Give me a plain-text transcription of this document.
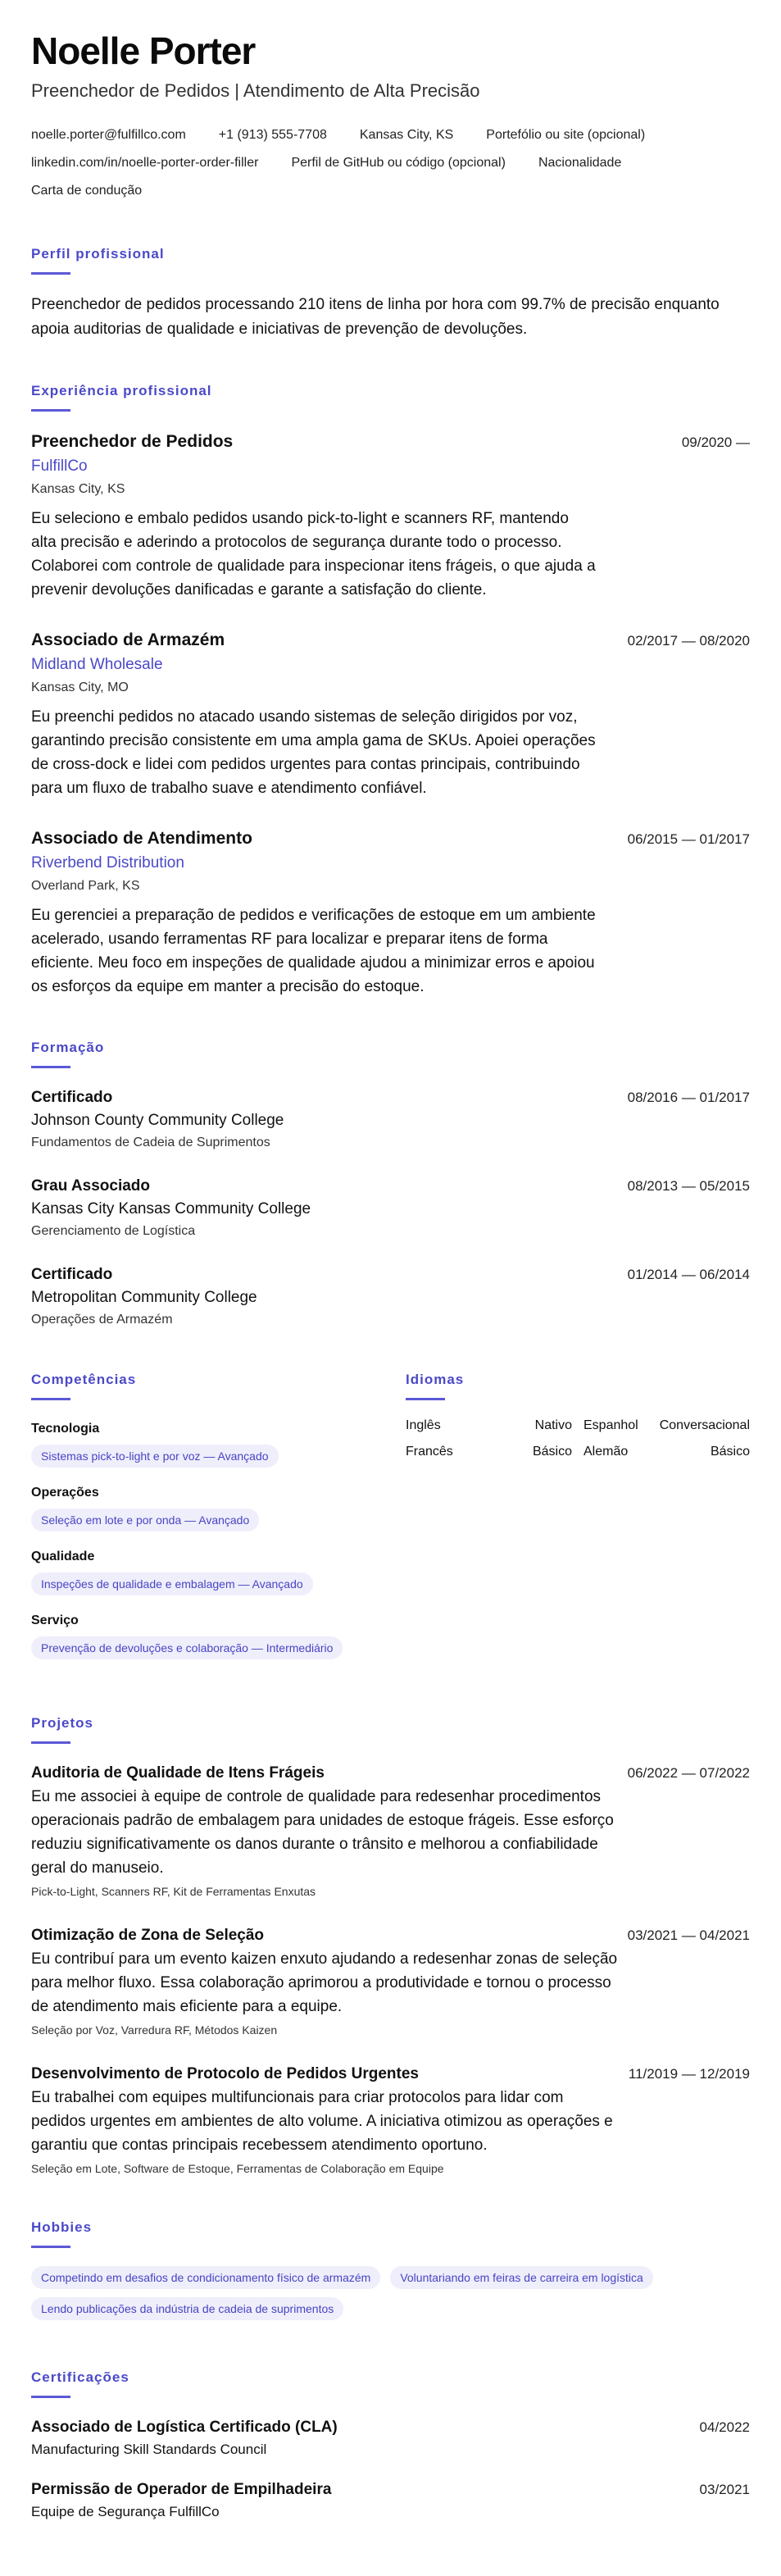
Noelle Porter
Preenchedor de Pedidos | Atendimento de Alta Precisão
noelle.porter@fulfillco.com	+1 (913) 555-7708	Kansas City, KS	Portefólio ou site (opcional)
linkedin.com/in/noelle-porter-order-filler	Perfil de GitHub ou código (opcional)	Nacionalidade
Carta de condução
Perfil profissional

Preenchedor de pedidos processando 210 itens de linha por hora com 99.7% de precisão enquanto apoia auditorias de qualidade e iniciativas de prevenção de devoluções.

Experiência profissional
Preenchedor de Pedidos	09/2020 —
FulfillCo
Kansas City, KS

Eu seleciono e embalo pedidos usando pick-to-light e scanners RF, mantendo alta precisão e aderindo a protocolos de segurança durante todo o processo. Colaborei com controle de qualidade para inspecionar itens frágeis, o que ajuda a prevenir devoluções danificadas e garante a satisfação do cliente.

Associado de Armazém	02/2017 — 08/2020
Midland Wholesale
Kansas City, MO

Eu preenchi pedidos no atacado usando sistemas de seleção dirigidos por voz, garantindo precisão consistente em uma ampla gama de SKUs. Apoiei operações de cross-dock e lidei com pedidos urgentes para contas principais, contribuindo para um fluxo de trabalho suave e atendimento confiável.

Associado de Atendimento	06/2015 — 01/2017
Riverbend Distribution
Overland Park, KS

Eu gerenciei a preparação de pedidos e verificações de estoque em um ambiente acelerado, usando ferramentas RF para localizar e preparar itens de forma eficiente. Meu foco em inspeções de qualidade ajudou a minimizar erros e apoiou os esforços da equipe em manter a precisão do estoque.

Formação
Certificado	08/2016 — 01/2017
Johnson County Community College
Fundamentos de Cadeia de Suprimentos
Grau Associado	08/2013 — 05/2015
Kansas City Kansas Community College
Gerenciamento de Logística
Certificado	01/2014 — 06/2014
Metropolitan Community College
Operações de Armazém
Competências
Tecnologia
Sistemas pick-to-light e por voz — Avançado
Operações
Seleção em lote e por onda — Avançado
Qualidade
Inspeções de qualidade e embalagem — Avançado
Serviço
Prevenção de devoluções e colaboração — Intermediário
Idiomas
Inglês	Nativo Espanhol Conversacional
Francês	Básico Alemão	Básico
Projetos
Auditoria de Qualidade de Itens Frágeis	06/2022 — 07/2022

Eu me associei à equipe de controle de qualidade para redesenhar procedimentos operacionais padrão de embalagem para unidades de estoque frágeis. Esse esforço reduziu significativamente os danos durante o trânsito e melhorou a confiabilidade geral do manuseio.

Pick-to-Light, Scanners RF, Kit de Ferramentas Enxutas
Otimização de Zona de Seleção	03/2021 — 04/2021

Eu contribuí para um evento kaizen enxuto ajudando a redesenhar zonas de seleção para melhor fluxo. Essa colaboração aprimorou a produtividade e tornou o processo de atendimento mais eficiente para a equipe.

Seleção por Voz, Varredura RF, Métodos Kaizen
Desenvolvimento de Protocolo de Pedidos Urgentes	11/2019 — 12/2019

Eu trabalhei com equipes multifuncionais para criar protocolos para lidar com pedidos urgentes em ambientes de alto volume. A iniciativa otimizou as operações e garantiu que contas principais recebessem atendimento oportuno.

Seleção em Lote, Software de Estoque, Ferramentas de Colaboração em Equipe
Hobbies
Competindo em desafios de condicionamento físico de armazém	Voluntariando em feiras de carreira em logística
Lendo publicações da indústria de cadeia de suprimentos
Certificações
Associado de Logística Certificado (CLA)	04/2022
Manufacturing Skill Standards Council
Permissão de Operador de Empilhadeira	03/2021
Equipe de Segurança FulfillCo
